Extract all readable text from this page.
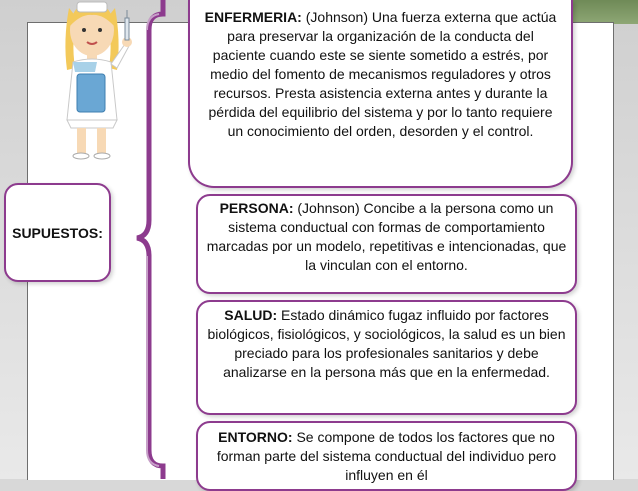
SUPUESTOS:
ENFERMERIA: (Johnson) Una fuerza externa que actúa para preservar la organización de la conducta del paciente cuando este se siente sometido a estrés, por medio del fomento de mecanismos reguladores y otros recursos. Presta asistencia externa antes y durante la pérdida del equilibrio del sistema y por lo tanto requiere un conocimiento del orden, desorden y el control.
PERSONA: (Johnson) Concibe a la persona como un sistema conductual con formas de comportamiento marcadas por un modelo, repetitivas e intencionadas, que la vinculan con el entorno.
SALUD: Estado dinámico fugaz influido por factores biológicos, fisiológicos, y sociológicos, la salud es un bien preciado para los profesionales sanitarios y debe analizarse en la persona más que en la enfermedad.
ENTORNO: Se compone de todos los factores que no forman parte del sistema conductual del individuo pero influyen en él
